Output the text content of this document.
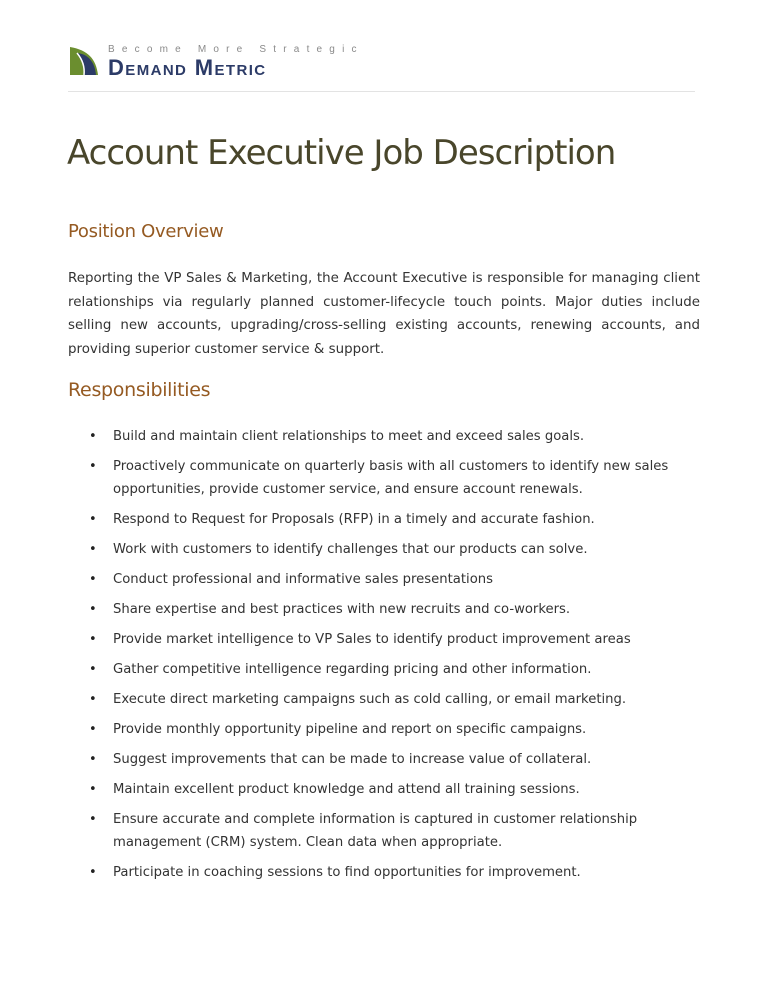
Become More Strategic
Demand Metric
Account Executive Job Description
Position Overview

Reporting the VP Sales & Marketing, the Account Executive is responsible for managing client relationships via regularly planned customer-lifecycle touch points. Major duties include selling new accounts, upgrading/cross-selling existing accounts, renewing accounts, and providing superior customer service & support.

Responsibilities
• Build and maintain client relationships to meet and exceed sales goals.
• Proactively communicate on quarterly basis with all customers to identify new sales opportunities, provide customer service, and ensure account renewals.
• Respond to Request for Proposals (RFP) in a timely and accurate fashion.
• Work with customers to identify challenges that our products can solve.
• Conduct professional and informative sales presentations
• Share expertise and best practices with new recruits and co-workers.
• Provide market intelligence to VP Sales to identify product improvement areas
• Gather competitive intelligence regarding pricing and other information.
• Execute direct marketing campaigns such as cold calling, or email marketing.
• Provide monthly opportunity pipeline and report on specific campaigns.
• Suggest improvements that can be made to increase value of collateral.
• Maintain excellent product knowledge and attend all training sessions.
• Ensure accurate and complete information is captured in customer relationship management (CRM) system. Clean data when appropriate.
• Participate in coaching sessions to find opportunities for improvement.
